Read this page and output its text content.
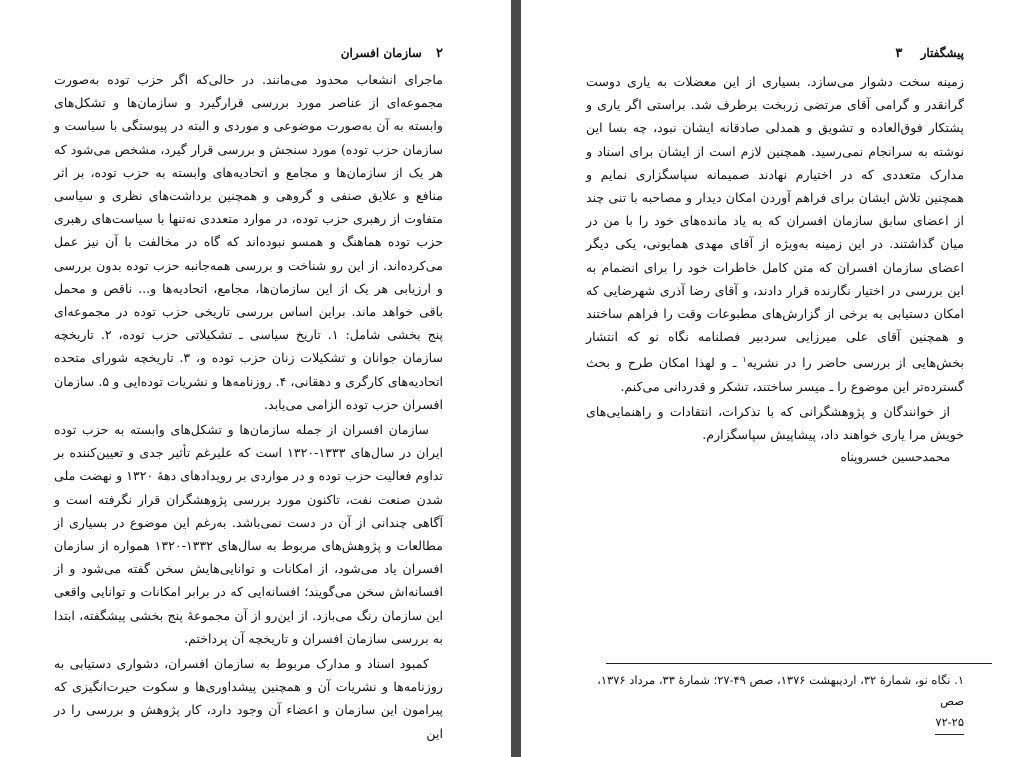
۲ سازمان افسران

ماجرای انشعاب محدود می‌مانند. در حالی‌که اگر حزب توده به‌صورت مجموعه‌ای از عناصر مورد بررسی قرارگیرد و سازمان‌ها و تشکل‌های وابسته به آن به‌صورت موضوعی و موردی و البته در پیوستگی با سیاست و سازمان حزب توده) مورد سنجش و بررسی قرار گیرد، مشخص می‌شود که هر یک از سازمان‌ها و مجامع و اتحادیه‌های وابسته به حزب توده، بر اثر منافع و علایق صنفی و گروهی و همچنین برداشت‌های نظری و سیاسی متفاوت از رهبری حزب توده، در موارد متعددی نه‌تنها با سیاست‌های رهبری حزب توده هماهنگ و همسو نبوده‌اند که گاه در مخالفت با آن نیز عمل می‌کرده‌اند. از این رو شناخت و بررسی همه‌جانبه حزب توده بدون بررسی و ارزیابی هر یک از این سازمان‌ها، مجامع، اتحادیه‌ها و... ناقص و محمل باقی خواهد ماند. براین اساس بررسی تاریخی حزب توده در مجموعه‌ای پنج بخشی شامل: ۱. تاریخ سیاسی ـ تشکیلاتی حزب توده، ۲. تاریخچه سازمان جوانان و تشکیلات زنان حزب توده و، ۳. تاریخچه شورای متحده اتحادیه‌های کارگری و دهقانی، ۴. روزنامه‌ها و نشریات توده‌ایی و ۵. سازمان افسران حزب توده الزامی می‌یابد.

سازمان افسران از جمله سازمان‌ها و تشکل‌های وابسته به حزب توده ایران در سال‌های ۱۳۳۳-۱۳۲۰ است که علیرغم تأثیر جدی و تعیین‌کننده بر تداوم فعالیت حزب توده و در مواردی بر رویدادهای دهۀ ۱۳۲۰ و نهضت ملی شدن صنعت نفت، تاکنون مورد بررسی پژوهشگران قرار نگرفته است و آگاهی چندانی از آن در دست نمی‌باشد. به‌رغم این موضوع در بسیاری از مطالعات و پژوهش‌های مربوط به سال‌های ۱۳۳۲-۱۳۲۰ همواره از سازمان افسران یاد می‌شود، از امکانات و توانایی‌هایش سخن گفته می‌شود و از افسانه‌اش سخن می‌گویند؛ افسانه‌ایی که در برابر امکانات و توانایی واقعی این سازمان رنگ می‌بازد. از این‌رو از آن مجموعۀ پنج بخشی پیشگفته، ابتدا به بررسی سازمان افسران و تاریخچه آن پرداختم.

کمبود اسناد و مدارک مربوط به سازمان افسران، دشواری دستیابی به روزنامه‌ها و نشریات آن و همچنین پیشداوری‌ها و سکوت حیرت‌انگیزی که پیرامون این سازمان و اعضاء آن وجود دارد، کار پژوهش و بررسی را در این

پیشگفتار ۳

زمینه سخت دشوار می‌سازد. بسیاری از این معضلات به یاری دوست گرانقدر و گرامی آقای مرتضی زربخت برطرف شد. براستی اگر یاری و پشتکار فوق‌العاده و تشویق و همدلی صادقانه ایشان نبود، چه بسا این نوشته به سرانجام نمی‌رسید. همچنین لازم است از ایشان برای اسناد و مدارک متعددی که در اختیارم نهادند صمیمانه سپاسگزاری نمایم و همچنین تلاش ایشان برای فراهم آوردن امکان دیدار و مصاحبه با تنی چند از اعضای سابق سازمان افسران که به یاد مانده‌های خود را با من در میان گذاشتند. در این زمینه به‌ویژه از آقای مهدی همایونی، یکی دیگر اعضای سازمان افسران که متن کامل خاطرات خود را برای انضمام به این بررسی در اختیار نگارنده قرار دادند، و آقای رضا آذری شهرضایی که امکان دستیابی به برخی از گزارش‌های مطبوعات وقت را فراهم ساختند و همچنین آقای علی میرزایی سردبیر فصلنامه نگاه نو که انتشار بخش‌هایی از بررسی حاضر را در نشریه$^۱$ ـ و لهذا امکان طرح و بحث گسترده‌تر این موضوع را ـ میسر ساختند، تشکر و قدردانی می‌کنم.

از خوانندگان و پژوهشگرانی که با تذکرات، انتقادات و راهنمایی‌های خویش مرا یاری خواهند داد، پیشاپیش سپاسگزارم.

محمدحسین خسروپناه

۱. نگاه نو، شمارۀ ۳۲، اردیبهشت ۱۳۷۶، صص ۴۹-۲۷؛ شمارۀ ۳۳، مرداد ۱۳۷۶، صص
۷۲-۲۵
